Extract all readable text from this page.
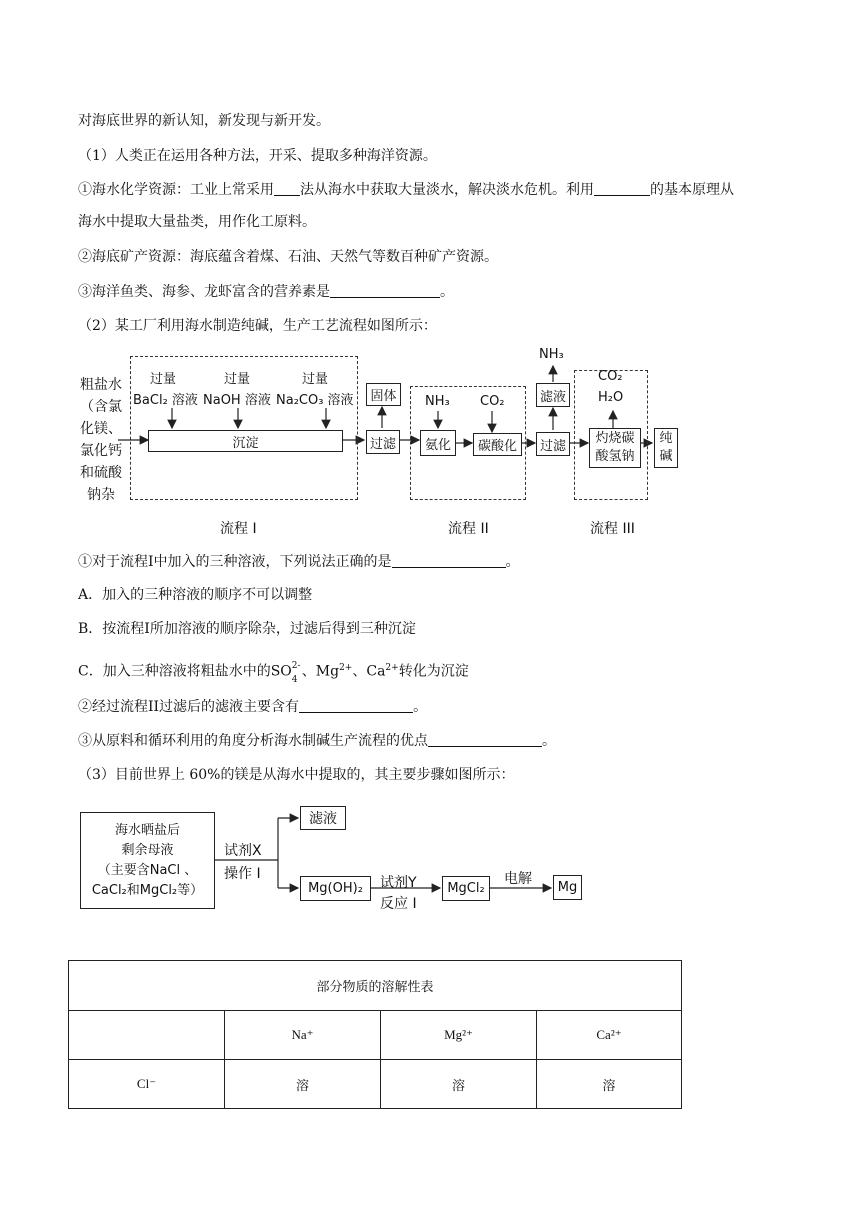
对海底世界的新认知，新发现与新开发。
（1）人类正在运用各种方法，开采、提取多种海洋资源。
①海水化学资源：工业上常采用 法从海水中获取大量淡水，解决淡水危机。利用	的基本原理从
海水中提取大量盐类，用作化工原料。
②海底矿产资源：海底蕴含着煤、石油、天然气等数百种矿产资源。
③海洋鱼类、海参、龙虾富含的营养素是	。
（2）某工厂利用海水制造纯碱，生产工艺流程如图所示：
粗盐水
（含氯
化镁、
氯化钙
和硫酸
钠杂
过量
BaCl₂ 溶液
过量
NaOH 溶液
过量
Na₂CO₃ 溶液
沉淀
固体
过滤
NH₃ CO₂
氨化	碳酸化
NH₃
滤液
过滤
CO₂
H₂O
灼烧碳
酸氢钠
纯
碱
流程 I	流程 II	流程 III
①对于流程I中加入的三种溶液，下列说法正确的是	。
A．加入的三种溶液的顺序不可以调整
B．按流程I所加溶液的顺序除杂，过滤后得到三种沉淀
C．加入三种溶液将粗盐水中的SO 2-
4 、$Mg^{2+}$、$Ca^{2+}$转化为沉淀
②经过流程II过滤后的滤液主要含有	。
③从原料和循环利用的角度分析海水制碱生产流程的优点	。
（3）目前世界上 60%的镁是从海水中提取的，其主要步骤如图所示：
海水晒盐后
剩余母液
（主要含NaCl 、
CaCl₂和MgCl₂等）
试剂X
操作 I
滤液
Mg(OH)₂	试剂Y
反应 I
MgCl₂
电解
Mg
部分物质的溶解性表			
	Na⁺	Mg²⁺	Ca²⁺
Cl⁻	溶	溶	溶
